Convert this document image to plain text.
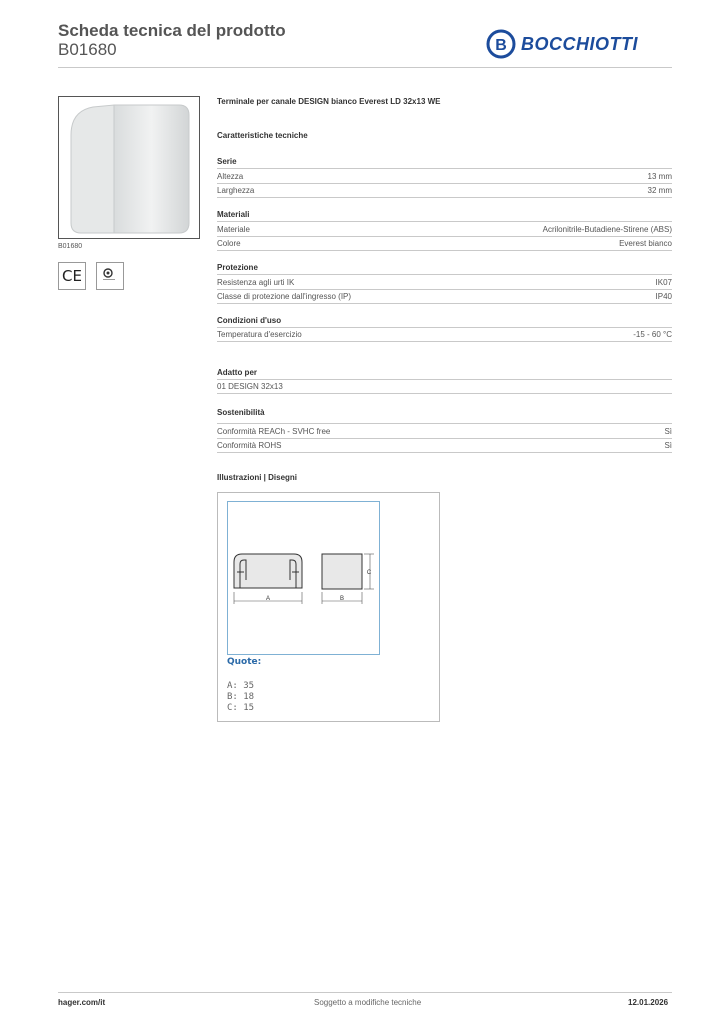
Scheda tecnica del prodotto
B01680	B BOCCHIOTTI
B01680
CE
Terminale per canale DESIGN bianco Everest LD 32x13 WE
Caratteristiche tecniche
Serie
Altezza	13 mm
Larghezza	32 mm
Materiali
Materiale	Acrilonitrile-Butadiene-Stirene (ABS)
Colore	Everest bianco
Protezione
Resistenza agli urti IK	IK07
Classe di protezione dall'ingresso (IP)	IP40
Condizioni d'uso
Temperatura d'esercizio	-15 - 60 °C
Adatto per
01 DESIGN 32x13
Sostenibilità
Conformità REACh - SVHC free	Sì
Conformità ROHS	Sì
Illustrazioni | Disegni
A	B
C
Quote:
A: 35
B: 18
C: 15
hager.com/it	Soggetto a modifiche tecniche	12.01.2026
